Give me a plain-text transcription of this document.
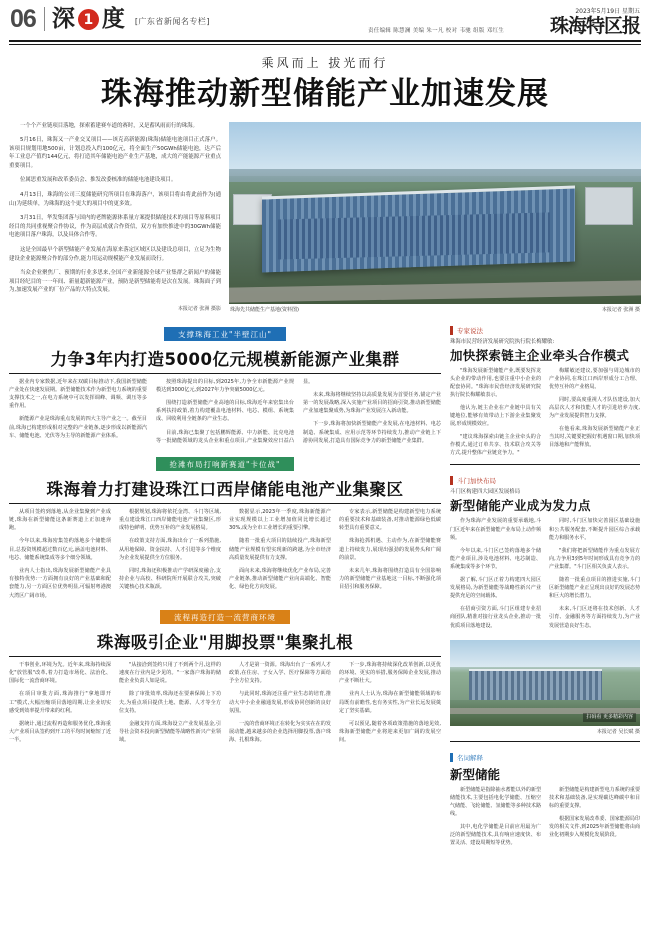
06 深 1 度 [广东省新闻名专栏]
2023年5月19日 星期五
珠海特区报
责任编辑 陈慧澜 美编 朱一凡 校对 韦驰 组版 邓红生
乘风而上 拔光而行
珠海推动新型储能产业加速发展

一个个产业链项目落地，探索蓄建赛车道的赛时，又是蓄风雨而行的珠海。

5月16日，珠海又一产业交叉项目——该克高新能源(珠海)储能电池项目正式落户。该项目规划用地500亩，计划总投入约100亿元，将全面生产50GWh储能电池，达产后年工业总产值约144亿元，将打造其年储能电池产业生产基地，成大的产能能源产业重点重要项目。

位属思重发展和改革委员会、推发改委核准的储能电池建设项目。

4月13日，珠海的公司三度储能研究所项目在珠海落户，该项目将由将此前作为(通山)为延续单，为珠海的这个更大的项目中的更多效。

3月31日，华发集团落与国内的老牌能源体系量方案提供储能技术的项目等原料项目经目的共同重视聚合作协议，作为高层成就合作资信，双方有加快推进中的30GWh储能电池项目落户珠海，以及具体合作等。

这是全国最早个新型储能产业发展在海原来落定区域区以及建设总项目，立足为生物建设企业能源聚合作的部分作,能力用运动规模能产业发展而设行。

当众企业聚焦厂、预期的行业多思来,全国产业新能源全球产业集群之新闻户的储能项目经纪目的一一年间、新量超新能源产业，预防是新型储能将是次在发展。珠海面子到为,加速发展产业的厂位产品的大特点发展。

本报记者 张洲 摄影 珠海先共储能生产基地(资料图)	本报记者 张洲 摄
支撑珠海工业"半壁江山"
力争3年内打造5000亿元规模新能源产业集群

据业内专家数据,近年来在双碳目标推动下,我国新型储能产业处在快速发展期。新型储能技术作为新型电力系统的重要支撑技术之一,在电力系统中可以发挥调峰、调频、调压等多重作用。

新能源产业是珠海重点发展的四大主导产业之一。截至目前,珠海已构建形成相对完整的产业链条,逐步形成以新能源汽车、储能电池、光伏等为主导的新能源产业体系。

按照珠海提出的目标,到2025年,力争全市新能源产业规模达到3000亿元,到2027年力争突破5000亿元。

围绕打造新型储能产业高地的目标,珠海近年来密集出台系列扶持政策,着力构建覆盖电池材料、电芯、模组、系统集成、回收利用全链条的产业生态。

目前,珠海已集聚了包括鹏辉能源、中力新能、比克电池等一批储能领域的龙头企业和重点项目,产业集聚效应日益凸显。

未来,珠海将继续坚持以高质量发展为首要任务,锚定产业第一的发展战略,深入实施产业项目的招商引资,推动新型储能产业加速集聚成势,为珠海产业发展注入新动能。

下一步,珠海将加快新型储能产业发展,在电池材料、电芯制造、系统集成、应用示范等环节持续发力,推动产业链上下游协同发展,打造具有国际竞争力的新型储能产业集群。

抢滩布局打响新赛道"卡位战"
珠海着力打建设珠江口西岸储能电池产业集聚区

从项目签约到落地,从企业集聚到产业成链,珠海在新型储能这条新赛道上正加速奔跑。

今年以来,珠海密集签约落地多个储能项目,总投资规模超过数百亿元,涵盖电池材料、电芯、储能系统集成等多个细分领域。

业内人士指出,珠海发展新型储能产业具有独特优势:一方面拥有良好的产业基础和配套能力,另一方面区位优势明显,可辐射粤港澳大湾区广阔市场。

根据规划,珠海将依托金湾、斗门等区域,重点建设珠江口西岸储能电池产业集聚区,形成特色鲜明、优势互补的产业发展格局。

在政策支持方面,珠海出台了一系列措施,从用地保障、资金扶持、人才引进等多个维度为企业发展提供全方位服务。

同时,珠海还积极推动产学研深度融合,支持企业与高校、科研院所开展联合攻关,突破关键核心技术瓶颈。

数据显示,2023年一季度,珠海新能源产业实现规模以上工业增加值同比增长超过30%,成为全市工业增长的重要引擎。

随着一批重大项目的陆续投产,珠海新型储能产业规模有望实现新的跨越,为全市经济高质量发展提供有力支撑。

面向未来,珠海将继续优化产业布局,完善产业链条,推动新型储能产业向高端化、智能化、绿色化方向发展。

专家表示,新型储能是构建新型电力系统的重要技术和基础装备,对推动能源绿色低碳转型具有重要意义。

珠海抢抓机遇、主动作为,在新型储能赛道上持续发力,展现出强劲的发展势头和广阔的前景。

未来几年,珠海将围绕打造具有全国影响力的新型储能产业基地这一目标,不断强化项目招引和服务保障。

流程再造打造一流营商环境
珠海吸引企业"用脚投票"集聚扎根

干事创业,环境为先。近年来,珠海持续深化"放管服"改革,着力打造市场化、法治化、国际化一流营商环境。

在项目审批方面,珠海推行"拿地即开工"模式,大幅压缩项目落地周期,让企业切实感受到效率提升带来的红利。

据统计,通过流程再造和服务优化,珠海重大产业项目从签约到开工的平均时间缩短了近一半。

"从接洽到签约只用了不到两个月,这样的速度在行业内是少见的。"一家落户珠海的储能企业负责人如是说。

除了审批效率,珠海还在要素保障上下功夫,为重点项目提供土地、能源、人才等全方位支持。

金融支持方面,珠海设立产业发展基金,引导社会资本投向新型储能等战略性新兴产业领域。

人才是第一资源。珠海出台了一系列人才政策,在住房、子女入学、医疗保障等方面给予全方位支持。

与此同时,珠海还注重产业生态的培育,推动大中小企业融通发展,形成协同创新的良好氛围。

一流的营商环境正在转化为实实在在的发展动能,越来越多的企业选择用脚投票,落户珠海、扎根珠海。

下一步,珠海将持续深化改革创新,以更优的环境、更实的举措,服务保障企业发展,推动产业不断壮大。

业内人士认为,珠海在新型储能领域的布局既有前瞻性,也有务实性,为产业长远发展奠定了坚实基础。

可以预见,随着各项政策措施的落地见效,珠海新型储能产业将迎来更加广阔的发展空间。

专家说法
珠海市民营经济发展研究院执行院长梅耀敏:
加快探索链主企业牵头合作模式

"珠海发展新型储能产业,既要发挥龙头企业的带动作用,也要注重中小企业的配套协同。"珠海市民营经济发展研究院执行院长梅耀敏表示。

他认为,链主企业在产业链中具有关键地位,能够有效带动上下游企业集聚发展,形成规模效应。

"建议珠海探索由链主企业牵头的合作模式,通过订单共享、技术联合攻关等方式,提升整体产业链竞争力。"

梅耀敏还建议,要加强与周边城市的产业协同,在珠江口西岸形成分工合理、优势互补的产业格局。

同时,要高度重视人才队伍建设,加大高层次人才和技能人才的引进培养力度,为产业发展提供智力支撑。

在他看来,珠海发展新型储能产业正当其时,关键要把握好机遇窗口期,加快项目落地和产能释放。

斗门加快布局
斗门区构建四大园区发展格局
新型储能产业成为发力点

作为珠海产业发展的重要承载地,斗门区近年来在新型储能产业布局上动作频频。

今年以来,斗门区已签约落地多个储能产业项目,涉及电池材料、电芯制造、系统集成等多个环节。

据了解,斗门区正着力构建四大园区发展格局,为新型储能等战略性新兴产业提供充足的空间载体。

在招商引资方面,斗门区组建专业招商团队,精准对接行业龙头企业,推动一批优质项目落地建设。

同时,斗门区加快完善园区基础设施和公共服务配套,不断提升园区综合承载能力和服务水平。

"我们将把新型储能作为重点发展方向,力争用3到5年时间形成具有竞争力的产业集群。"斗门区相关负责人表示。

随着一批重点项目的推进实施,斗门区新型储能产业正呈现出良好的发展态势和巨大的增长潜力。

未来,斗门区还将在技术创新、人才引育、金融服务等方面持续发力,为产业发展营造良好生态。

扫码看 更多精彩内容
本报记者 吴长赋 摄
名词解释
新型储能

新型储能是指除抽水蓄能以外的新型储能技术,主要包括电化学储能、压缩空气储能、飞轮储能、氢储能等多种技术路线。

其中,电化学储能是目前应用最为广泛的新型储能技术,具有响应速度快、布置灵活、建设周期短等优势。

新型储能是构建新型电力系统的重要技术和基础装备,是实现碳达峰碳中和目标的重要支撑。

根据国家发展改革委、国家能源局印发的相关文件,到2025年新型储能将由商业化初期步入规模化发展阶段。
